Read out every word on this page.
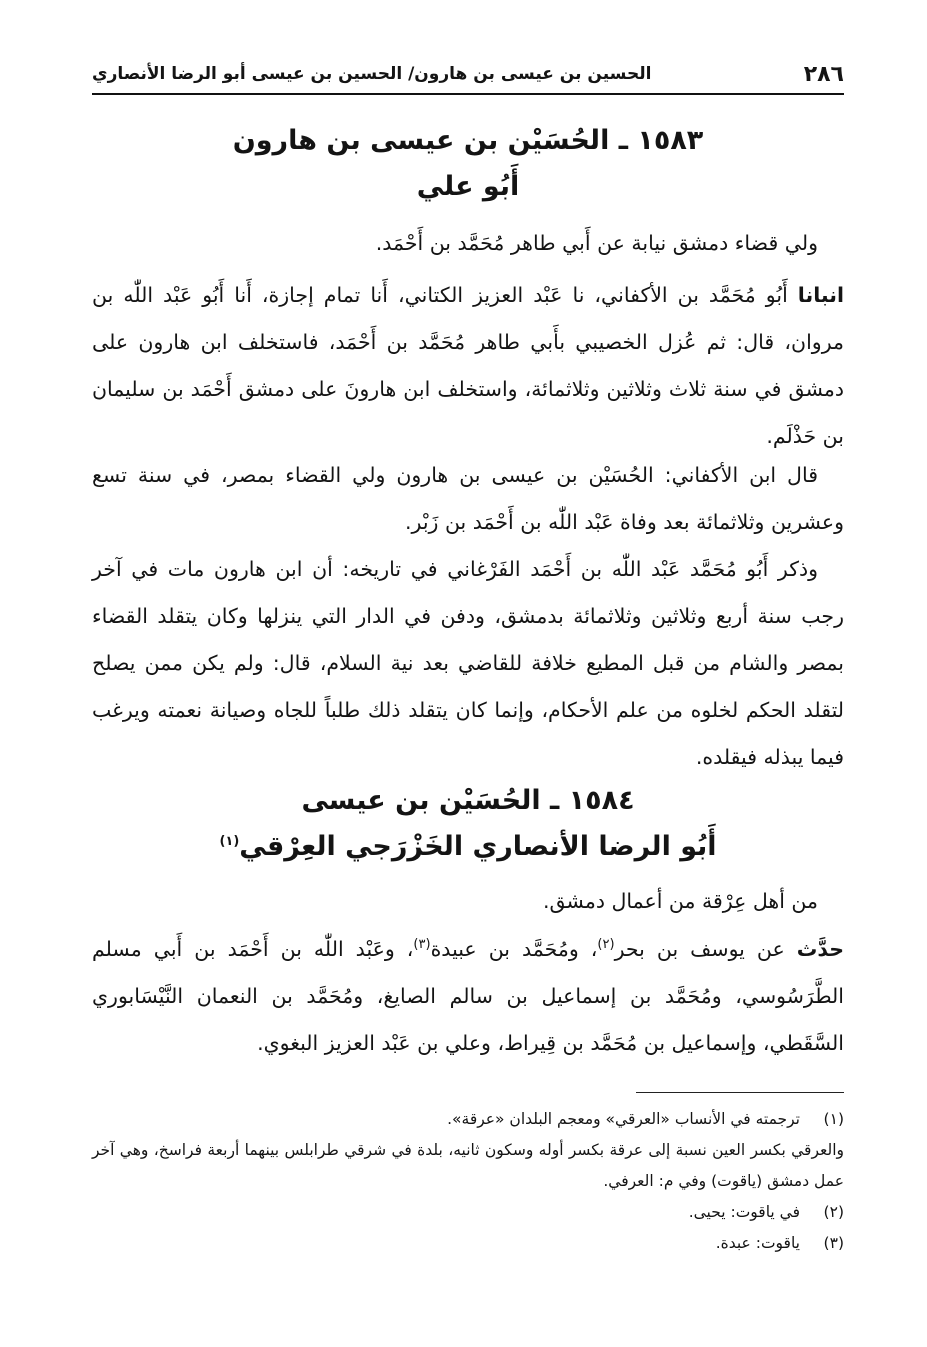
٢٨٦
الحسين بن عيسى بن هارون/ الحسين بن عيسى أبو الرضا الأنصاري
١٥٨٣ ـ الحُسَيْن بن عيسى بن هارون
أَبُو علي

ولي قضاء دمشق نيابة عن أَبي طاهر مُحَمَّد بن أَحْمَد.

انبانا أَبُو مُحَمَّد بن الأكفاني، نا عَبْد العزيز الكتاني، أَنا تمام إجازة، أَنا أَبُو عَبْد اللّٰه بن مروان، قال: ثم عُزل الخصيبي بأَبي طاهر مُحَمَّد بن أَحْمَد، فاستخلف ابن هارون على دمشق في سنة ثلاث وثلاثين وثلاثمائة، واستخلف ابن هارونَ على دمشق أَحْمَد بن سليمان بن حَذْلَم.

قال ابن الأكفاني: الحُسَيْن بن عيسى بن هارون ولي القضاء بمصر، في سنة تسع وعشرين وثلاثمائة بعد وفاة عَبْد اللّٰه بن أَحْمَد بن زَبْر.

وذكر أَبُو مُحَمَّد عَبْد اللّٰه بن أَحْمَد الفَرْغاني في تاريخه: أن ابن هارون مات في آخر رجب سنة أربع وثلاثين وثلاثمائة بدمشق، ودفن في الدار التي ينزلها وكان يتقلد القضاء بمصر والشام من قبل المطيع خلافة للقاضي بعد نية السلام، قال: ولم يكن ممن يصلح لتقلد الحكم لخلوه من علم الأحكام، وإنما كان يتقلد ذلك طلباً للجاه وصيانة نعمته ويرغب فيما يبذله فيقلده.

١٥٨٤ ـ الحُسَيْن بن عيسى
أَبُو الرضا الأنصاري الخَزْرَجي العِرْقي$^{(١)}$

من أهل عِرْقة من أعمال دمشق.

حدَّث عن يوسف بن بحر$^{(٢)}$، ومُحَمَّد بن عبيدة$^{(٣)}$، وعَبْد اللّٰه بن أَحْمَد بن أَبي مسلم الطَّرَسُوسي، ومُحَمَّد بن إسماعيل بن سالم الصايغ، ومُحَمَّد بن النعمان النَّيْسَابوري السَّقَطي، وإسماعيل بن مُحَمَّد بن قِيراط، وعلي بن عَبْد العزيز البغوي.

(١)
ترجمته في الأنساب «العرقي» ومعجم البلدان «عرقة».
والعرقي بكسر العين نسبة إلى عرقة بكسر أوله وسكون ثانيه، بلدة في شرقي طرابلس بينهما أربعة فراسخ، وهي آخر عمل دمشق (ياقوت) وفي م: العرفي.
(٢)
في ياقوت: يحيى.
(٣)
ياقوت: عبدة.
